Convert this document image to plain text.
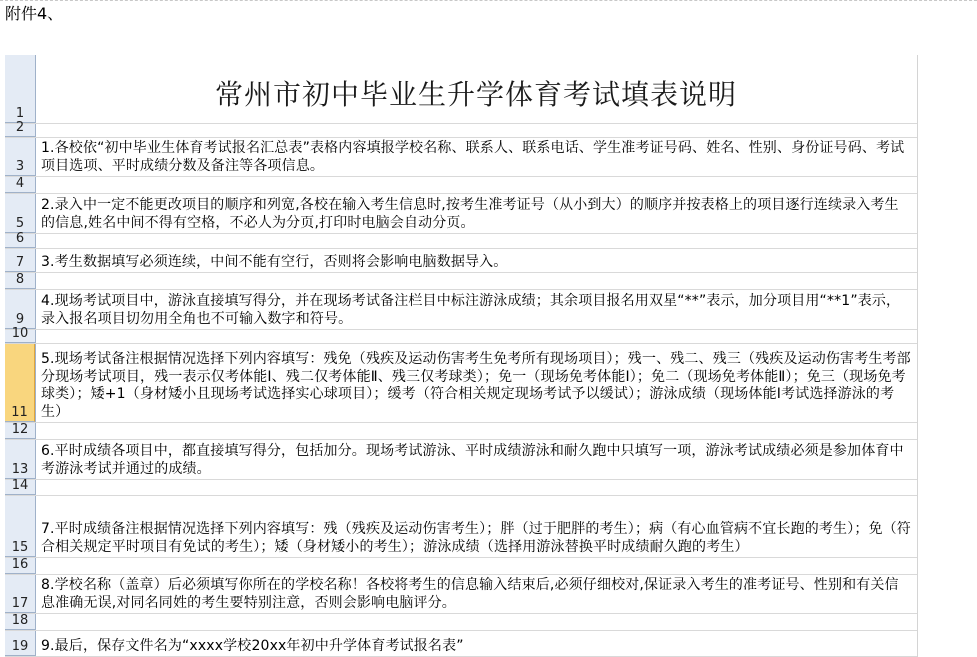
附件4、
1
常州市初中毕业生升学体育考试填表说明
2
3
1.各校依“初中毕业生体育考试报名汇总表”表格内容填报学校名称、联系人、联系电话、学生准考证号码、姓名、性别、身份证号码、考试项目选项、平时成绩分数及备注等各项信息。
4
5
2.录入中一定不能更改项目的顺序和列宽,各校在输入考生信息时,按考生准考证号（从小到大）的顺序并按表格上的项目逐行连续录入考生的信息,姓名中间不得有空格，不必人为分页,打印时电脑会自动分页。
6
7	3.考生数据填写必须连续，中间不能有空行，否则将会影响电脑数据导入。
8
9
4.现场考试项目中，游泳直接填写得分，并在现场考试备注栏目中标注游泳成绩；其余项目报名用双星“**”表示，加分项目用“**1”表示，录入报名项目切勿用全角也不可输入数字和符号。
10
11
5.现场考试备注根据情况选择下列内容填写：残免（残疾及运动伤害考生免考所有现场项目）；残一、残二、残三（残疾及运动伤害考生考部分现场考试项目，残一表示仅考体能Ⅰ、残二仅考体能Ⅱ、残三仅考球类）；免一（现场免考体能Ⅰ）；免二（现场免考体能Ⅱ）；免三（现场免考球类）；矮+1（身材矮小且现场考试选择实心球项目）；缓考（符合相关规定现场考试予以缓试）；游泳成绩（现场体能Ⅰ考试选择游泳的考生）
12
13
6.平时成绩各项目中，都直接填写得分，包括加分。现场考试游泳、平时成绩游泳和耐久跑中只填写一项，游泳考试成绩必须是参加体育中考游泳考试并通过的成绩。
14
15
7.平时成绩备注根据情况选择下列内容填写：残（残疾及运动伤害考生）；胖（过于肥胖的考生）；病（有心血管病不宜长跑的考生）；免（符合相关规定平时项目有免试的考生）；矮（身材矮小的考生）；游泳成绩（选择用游泳替换平时成绩耐久跑的考生）
16
17
8.学校名称（盖章）后必须填写你所在的学校名称！各校将考生的信息输入结束后,必须仔细校对,保证录入考生的准考证号、性别和有关信息准确无误,对同名同姓的考生要特别注意，否则会影响电脑评分。
18
19 9.最后，保存文件名为“xxxx学校20xx年初中升学体育考试报名表”
